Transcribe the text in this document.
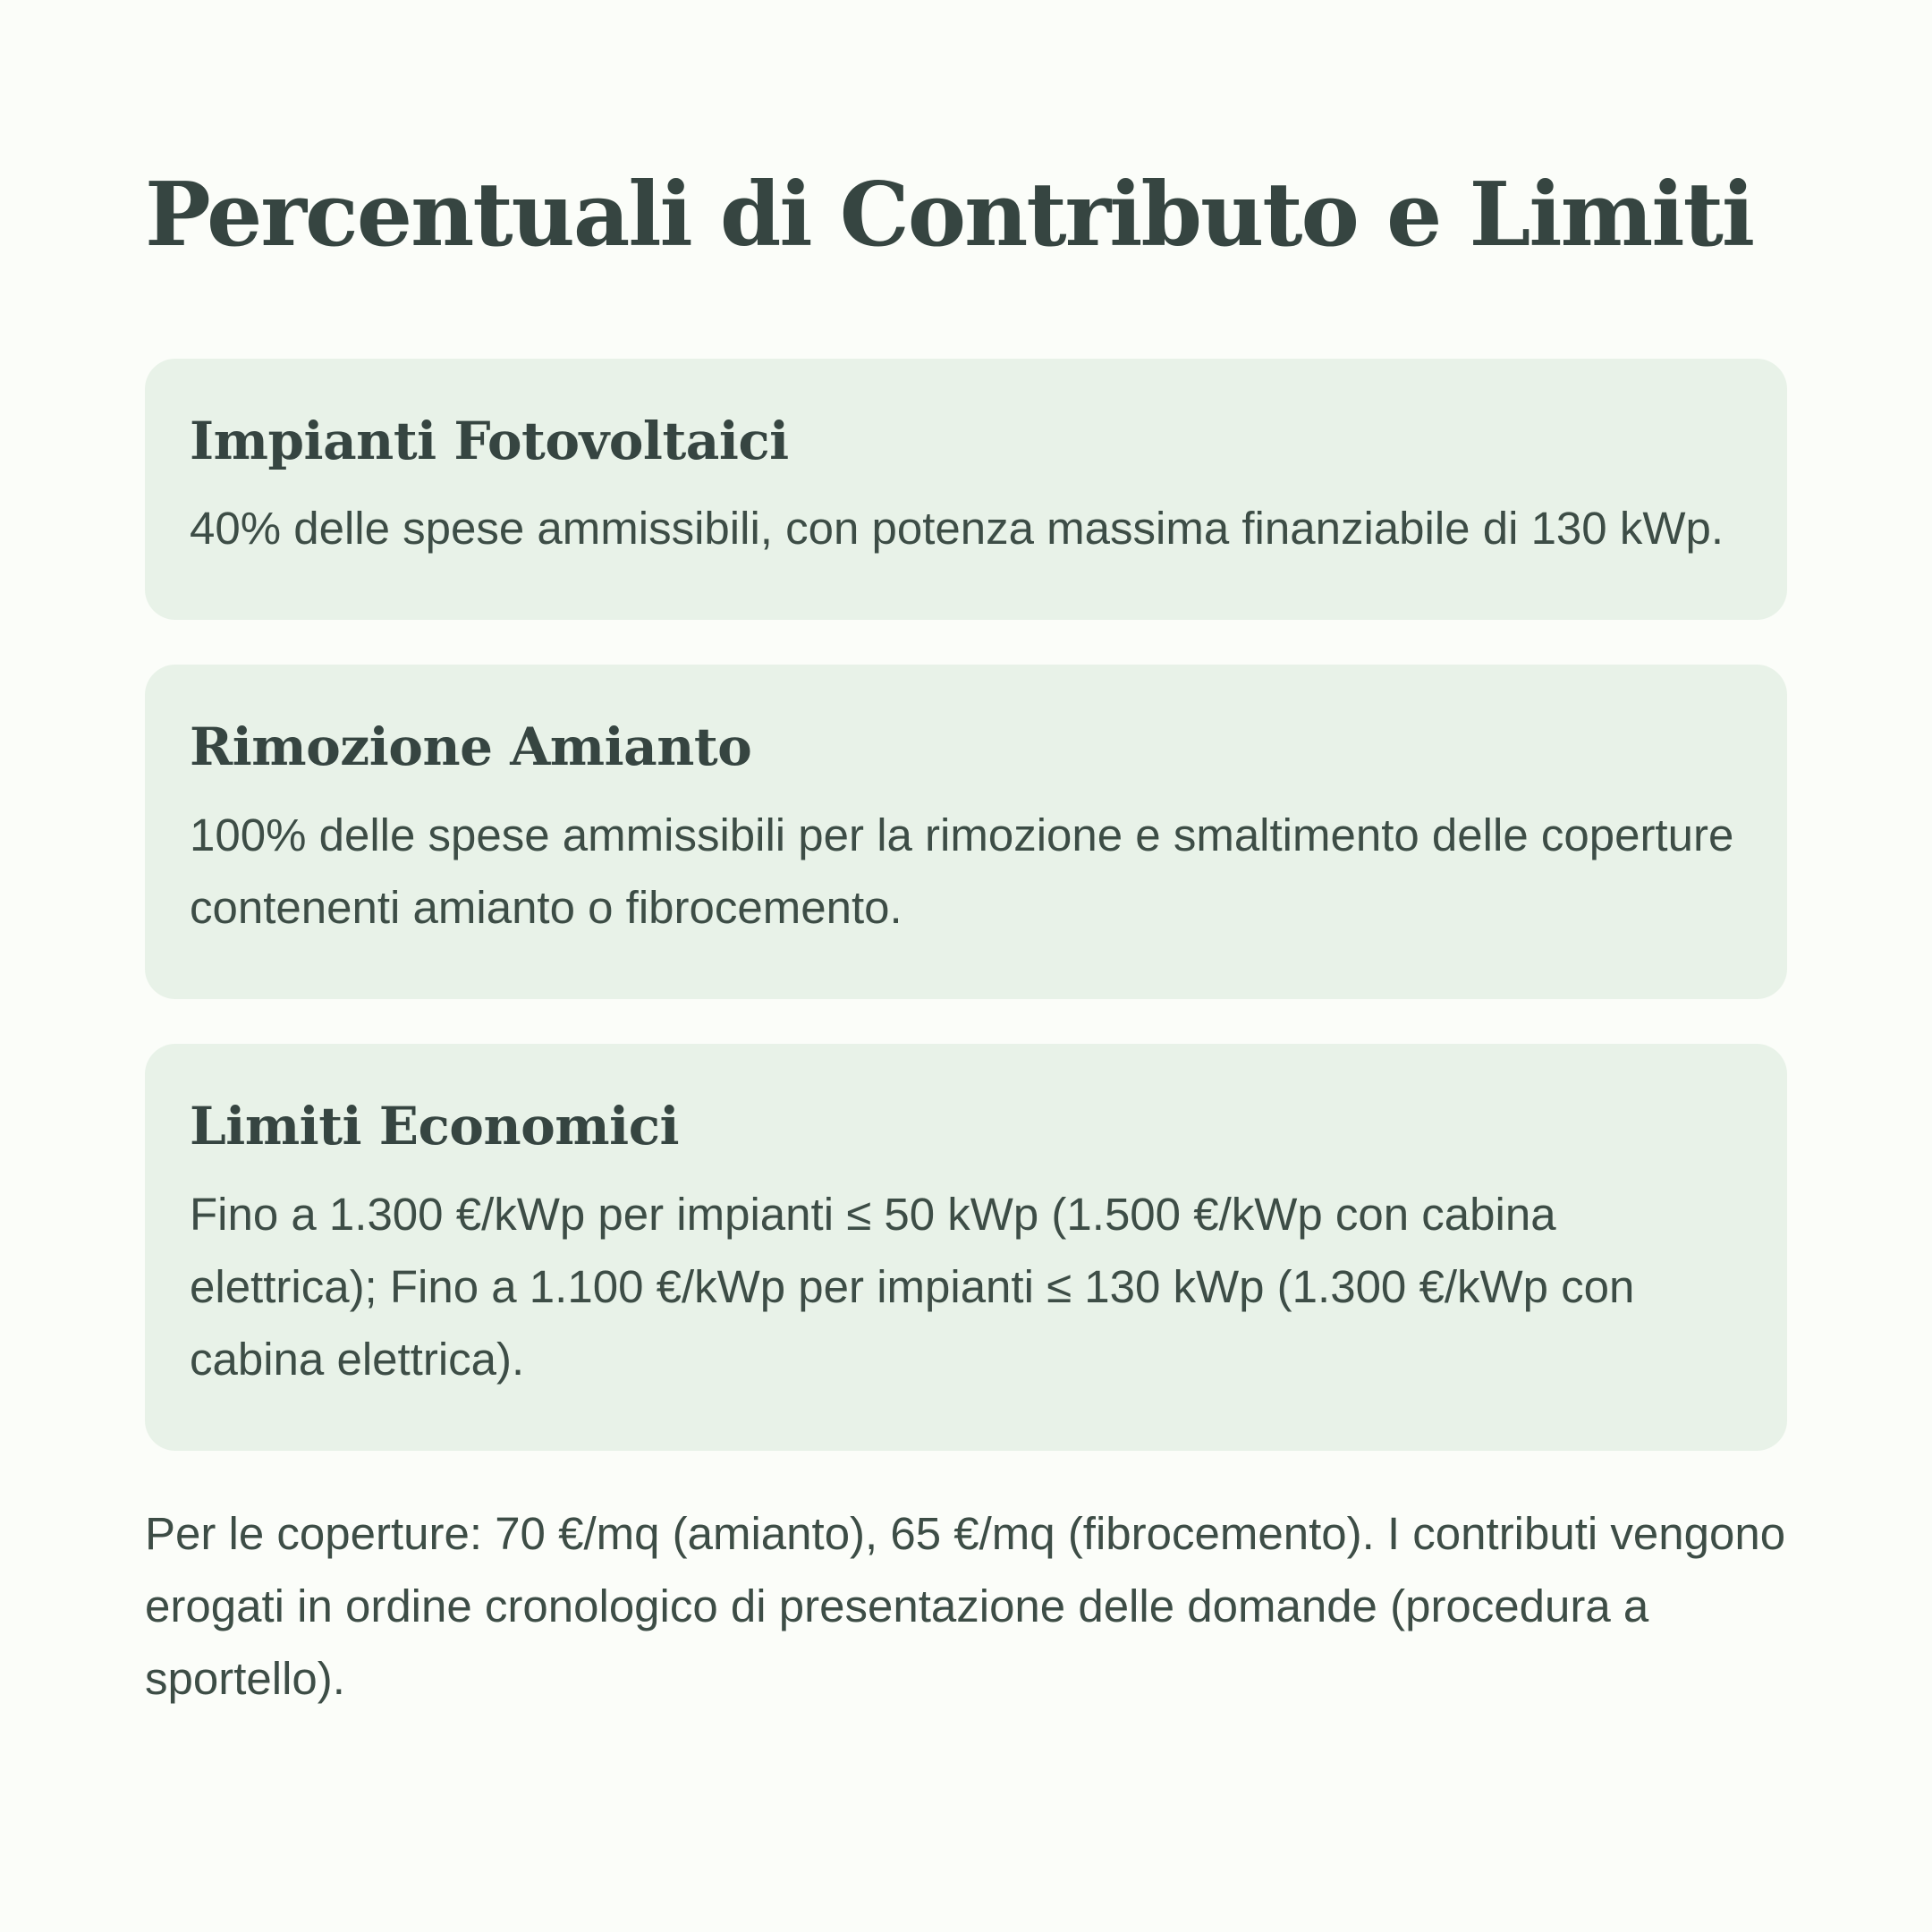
Percentuali di Contributo e Limiti
Impianti Fotovoltaici

40% delle spese ammissibili, con potenza massima finanziabile di 130 kWp.

Rimozione Amianto

100% delle spese ammissibili per la rimozione e smaltimento delle coperture contenenti amianto o fibrocemento.

Limiti Economici

Fino a 1.300 €/kWp per impianti ≤ 50 kWp (1.500 €/kWp con cabina elettrica); Fino a 1.100 €/kWp per impianti ≤ 130 kWp (1.300 €/kWp con cabina elettrica).

Per le coperture: 70 €/mq (amianto), 65 €/mq (fibrocemento). I contributi vengono erogati in ordine cronologico di presentazione delle domande (procedura a sportello).
